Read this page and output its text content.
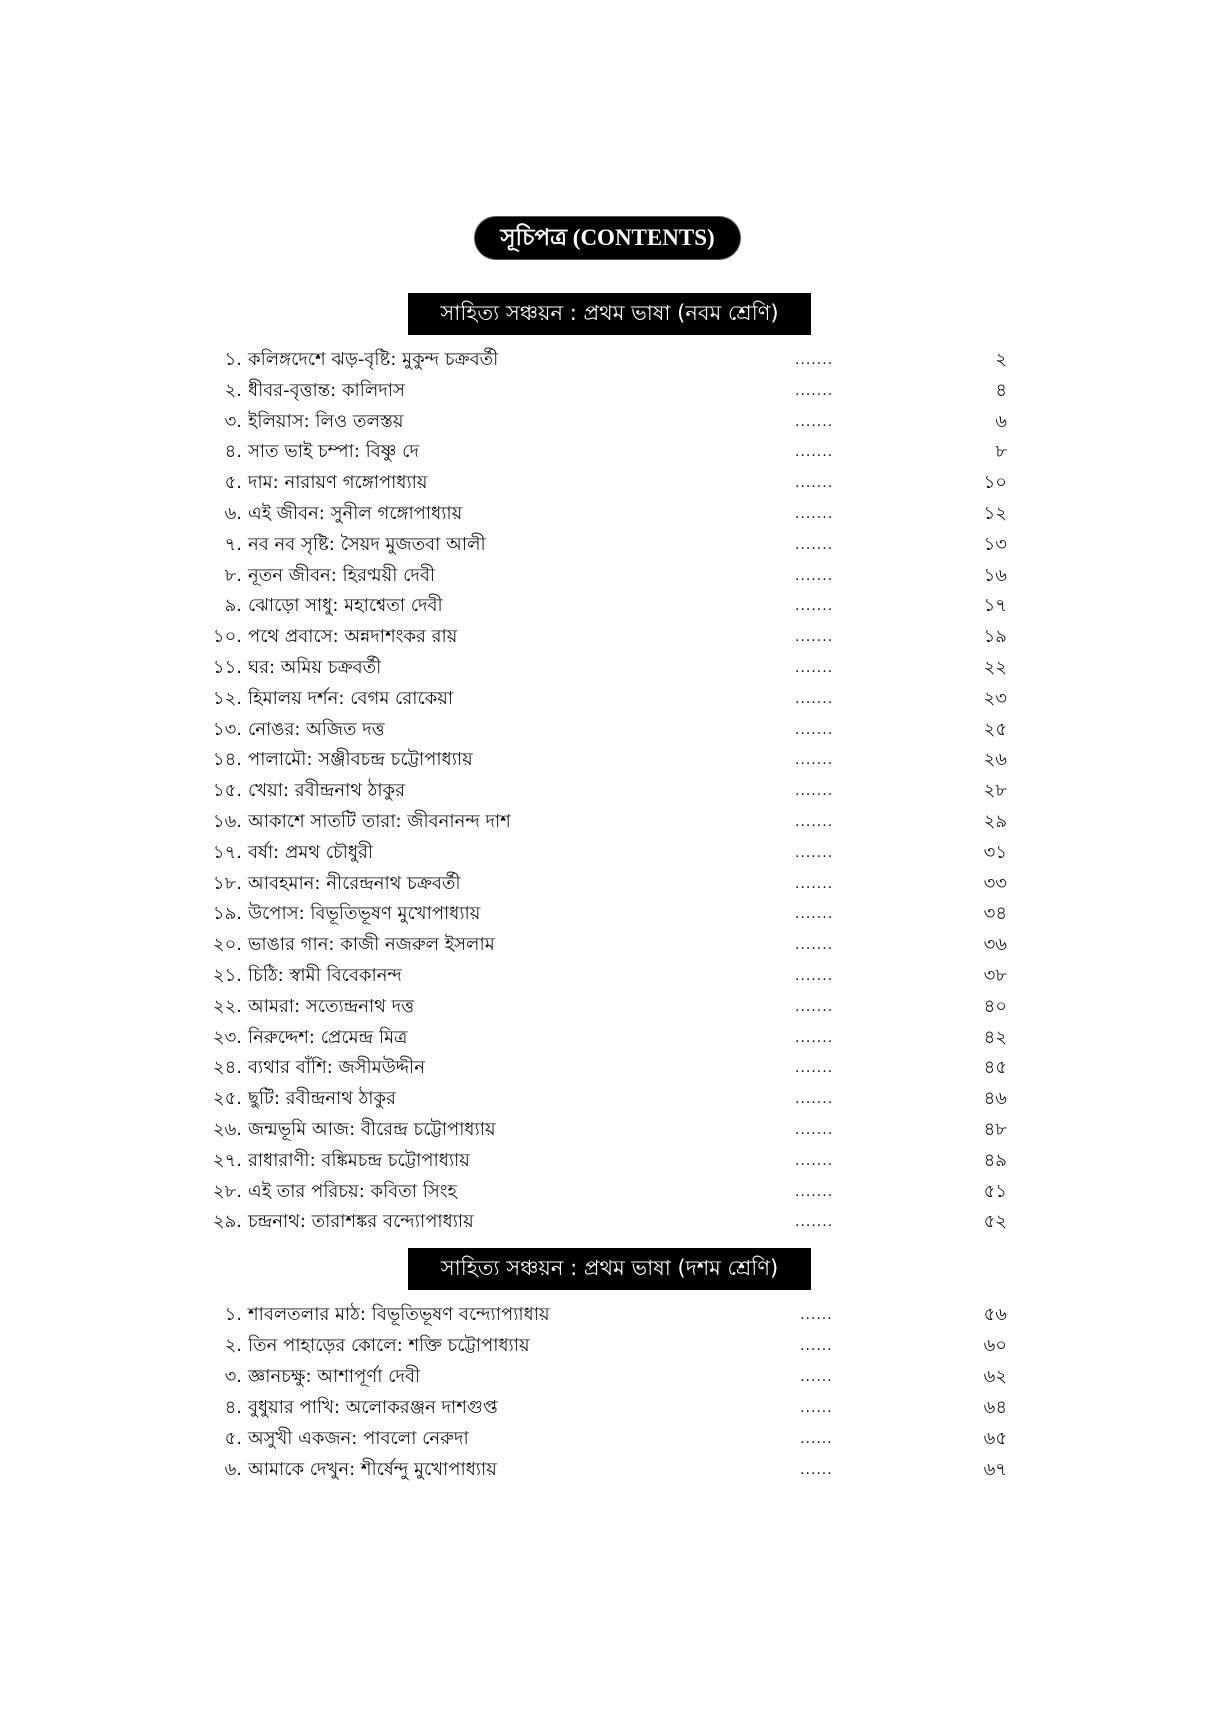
সূচিপত্র (CONTENTS)
সাহিত্য সঞ্চয়ন : প্রথম ভাষা (নবম শ্রেণি)
১. কলিঙ্গদেশে ঝড়-বৃষ্টি: মুকুন্দ চক্রবর্তী	.......	২
২. ধীবর-বৃত্তান্ত: কালিদাস	.......	৪
৩. ইলিয়াস: লিও তলস্তয়	.......	৬
৪. সাত ভাই চম্পা: বিষ্ণু দে	.......	৮
৫. দাম: নারায়ণ গঙ্গোপাধ্যায়	.......	১০
৬. এই জীবন: সুনীল গঙ্গোপাধ্যায়	.......	১২
৭. নব নব সৃষ্টি: সৈয়দ মুজতবা আলী	.......	১৩
৮. নূতন জীবন: হিরণ্ময়ী দেবী	.......	১৬
৯. ঝোড়ো সাধু: মহাশ্বেতা দেবী	.......	১৭
১০. পথে প্রবাসে: অন্নদাশংকর রায়	.......	১৯
১১. ঘর: অমিয় চক্রবর্তী	.......	২২
১২. হিমালয় দর্শন: বেগম রোকেয়া	.......	২৩
১৩. নোঙর: অজিত দত্ত	.......	২৫
১৪. পালামৌ: সঞ্জীবচন্দ্র চট্টোপাধ্যায়	.......	২৬
১৫. খেয়া: রবীন্দ্রনাথ ঠাকুর	.......	২৮
১৬. আকাশে সাতটি তারা: জীবনানন্দ দাশ	.......	২৯
১৭. বর্ষা: প্রমথ চৌধুরী	.......	৩১
১৮. আবহমান: নীরেন্দ্রনাথ চক্রবর্তী	.......	৩৩
১৯. উপোস: বিভূতিভূষণ মুখোপাধ্যায়	.......	৩৪
২০. ভাঙার গান: কাজী নজরুল ইসলাম	.......	৩৬
২১. চিঠি: স্বামী বিবেকানন্দ	.......	৩৮
২২. আমরা: সত্যেন্দ্রনাথ দত্ত	.......	৪০
২৩. নিরুদ্দেশ: প্রেমেন্দ্র মিত্র	.......	৪২
২৪. ব্যথার বাঁশি: জসীমউদ্দীন	.......	৪৫
২৫. ছুটি: রবীন্দ্রনাথ ঠাকুর	.......	৪৬
২৬. জন্মভূমি আজ: বীরেন্দ্র চট্টোপাধ্যায়	.......	৪৮
২৭. রাধারাণী: বঙ্কিমচন্দ্র চট্টোপাধ্যায়	.......	৪৯
২৮. এই তার পরিচয়: কবিতা সিংহ	.......	৫১
২৯. চন্দ্রনাথ: তারাশঙ্কর বন্দ্যোপাধ্যায়	.......	৫২
সাহিত্য সঞ্চয়ন : প্রথম ভাষা (দশম শ্রেণি)
১. শাবলতলার মাঠ: বিভূতিভূষণ বন্দ্যোপ্যাধায়	......	৫৬
২. তিন পাহাড়ের কোলে: শক্তি চট্টোপাধ্যায়	......	৬০
৩. জ্ঞানচক্ষু: আশাপূর্ণা দেবী	......	৬২
৪. বুধুয়ার পাখি: অলোকরঞ্জন দাশগুপ্ত	......	৬৪
৫. অসুখী একজন: পাবলো নেরুদা	......	৬৫
৬. আমাকে দেখুন: শীর্ষেন্দু মুখোপাধ্যায়	......	৬৭
